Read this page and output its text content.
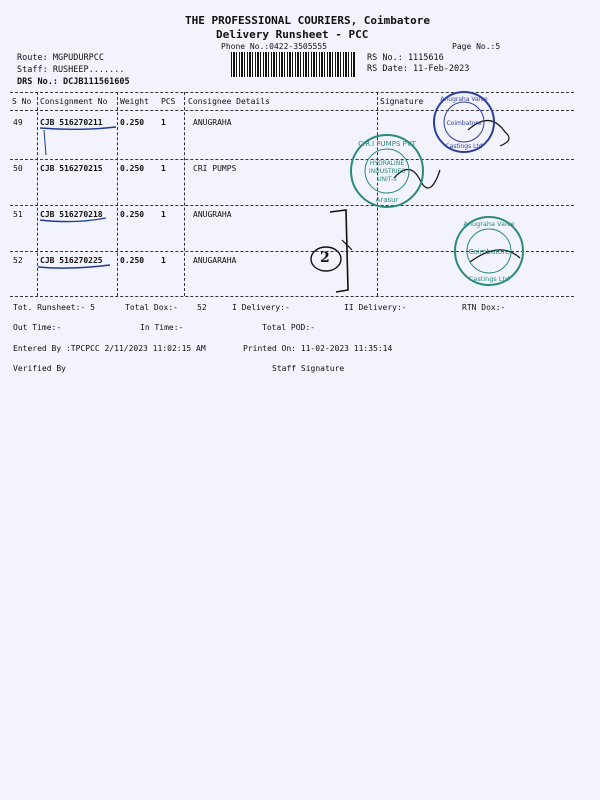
THE PROFESSIONAL COURIERS, Coimbatore
Delivery Runsheet - PCC
Phone No.:0422-3505555	Page No.:5
Route: MGPUDURPCC
Staff: RUSHEEP.......
DRS No.: DCJB111561605
RS No.: 1115616
RS Date: 11-Feb-2023
S No Consignment No Weight PCS Consignee Details	Signature
49 CJB 516270211 0.250 1	ANUGRAHA
50 CJB 516270215 0.250 1	CRI PUMPS
51 CJB 516270218 0.250 1	ANUGRAHA
52 CJB 516270225 0.250 1	ANUGARAHA	2
Coimbatore
Anugraha Valve
Castings Ltd
C.R.I PUMPS PVT
HYDRALINE
INDUSTRIES
UNIT-II
Arasur
Coimbatore
Anugraha Valve
Castings Ltd
Tot. Runsheet:- 5	Total Dox:- 52	I Delivery:-	II Delivery:-	RTN Dox:-
Out Time:-	In Time:-	Total POD:-
Entered By :TPCPCC 2/11/2023 11:02:15 AM	Printed On: 11-02-2023 11:35:14
Verified By	Staff Signature
